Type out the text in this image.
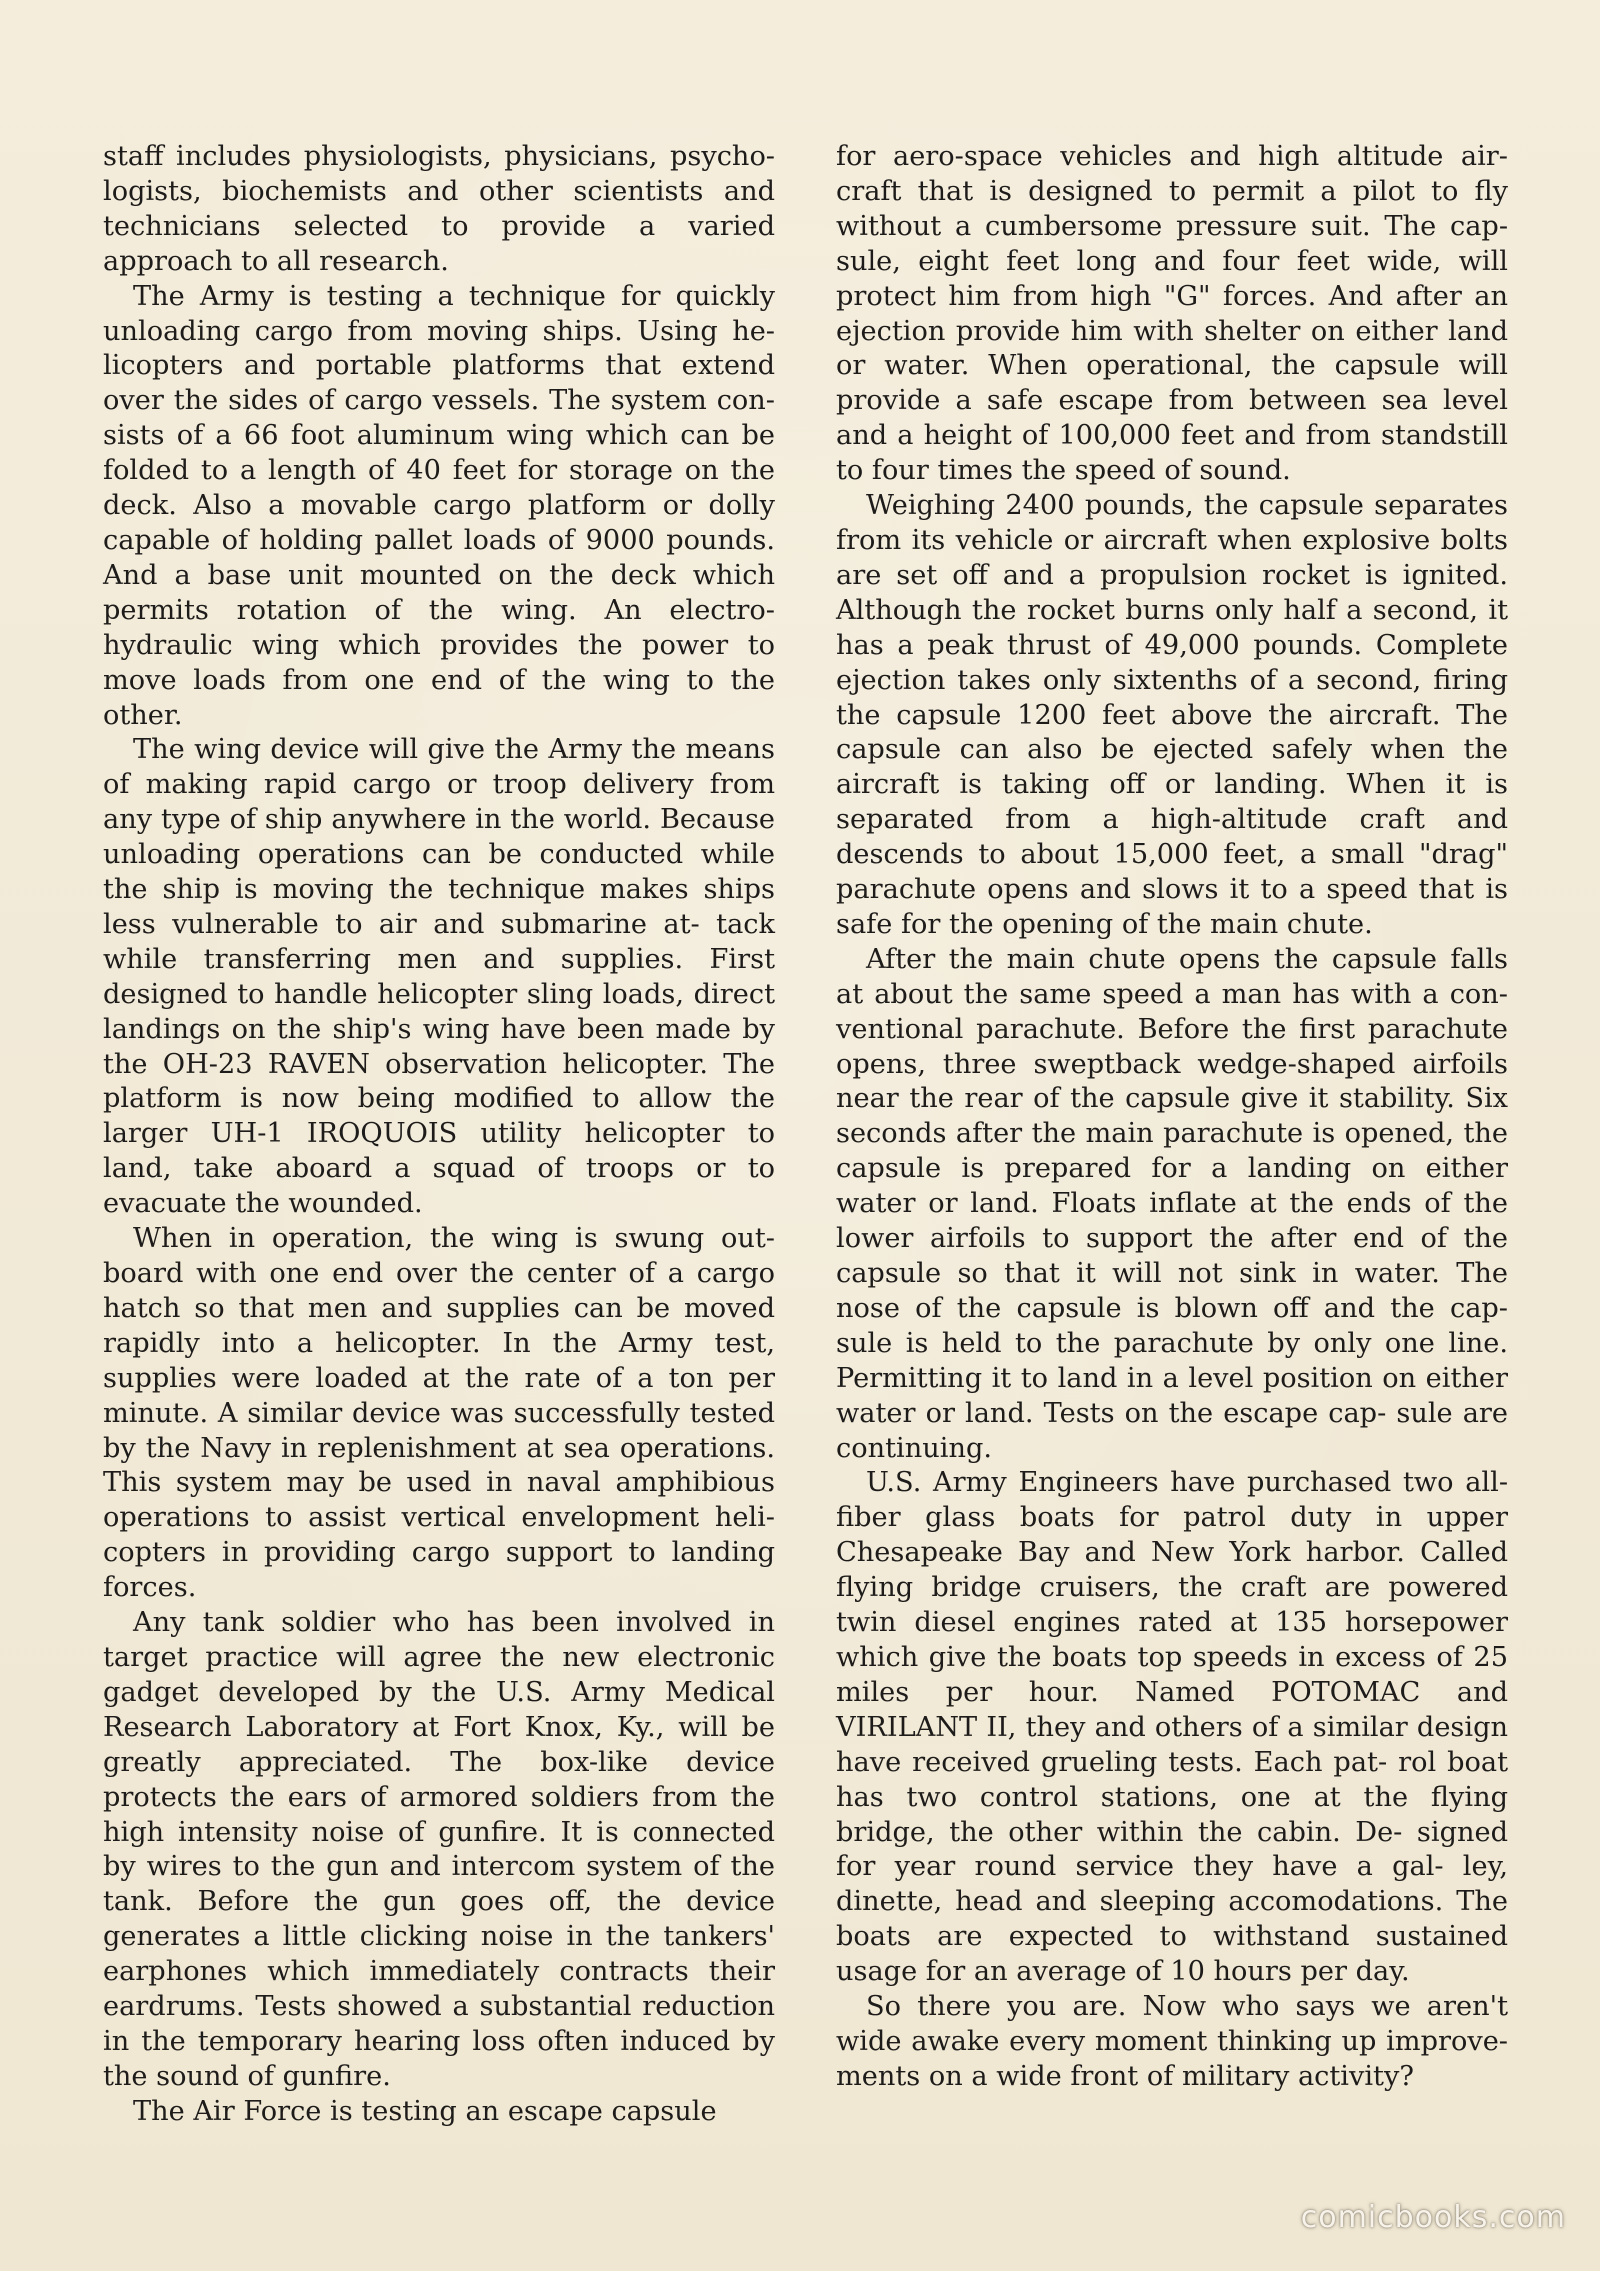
staff includes physiologists, physicians, psycho- logists, biochemists and other scientists and technicians selected to provide a varied approach to all research.

The Army is testing a technique for quickly unloading cargo from moving ships. Using he- licopters and portable platforms that extend over the sides of cargo vessels. The system con- sists of a 66 foot aluminum wing which can be folded to a length of 40 feet for storage on the deck. Also a movable cargo platform or dolly capable of holding pallet loads of 9000 pounds. And a base unit mounted on the deck which permits rotation of the wing. An electro- hydraulic wing which provides the power to move loads from one end of the wing to the other.

The wing device will give the Army the means of making rapid cargo or troop delivery from any type of ship anywhere in the world. Because unloading operations can be conducted while the ship is moving the technique makes ships less vulnerable to air and submarine at- tack while transferring men and supplies. First designed to handle helicopter sling loads, direct landings on the ship's wing have been made by the OH-23 RAVEN observation helicopter. The platform is now being modified to allow the larger UH-1 IROQUOIS utility helicopter to land, take aboard a squad of troops or to evacuate the wounded.

When in operation, the wing is swung out- board with one end over the center of a cargo hatch so that men and supplies can be moved rapidly into a helicopter. In the Army test, supplies were loaded at the rate of a ton per minute. A similar device was successfully tested by the Navy in replenishment at sea operations. This system may be used in naval amphibious operations to assist vertical envelopment heli- copters in providing cargo support to landing forces.

Any tank soldier who has been involved in target practice will agree the new electronic gadget developed by the U.S. Army Medical Research Laboratory at Fort Knox, Ky., will be greatly appreciated. The box-like device protects the ears of armored soldiers from the high intensity noise of gunfire. It is connected by wires to the gun and intercom system of the tank. Before the gun goes off, the device generates a little clicking noise in the tankers' earphones which immediately contracts their eardrums. Tests showed a substantial reduction in the temporary hearing loss often induced by the sound of gunfire.

The Air Force is testing an escape capsule

for aero-space vehicles and high altitude air- craft that is designed to permit a pilot to fly without a cumbersome pressure suit. The cap- sule, eight feet long and four feet wide, will protect him from high "G" forces. And after an ejection provide him with shelter on either land or water. When operational, the capsule will provide a safe escape from between sea level and a height of 100,000 feet and from standstill to four times the speed of sound.

Weighing 2400 pounds, the capsule separates from its vehicle or aircraft when explosive bolts are set off and a propulsion rocket is ignited. Although the rocket burns only half a second, it has a peak thrust of 49,000 pounds. Complete ejection takes only sixtenths of a second, firing the capsule 1200 feet above the aircraft. The capsule can also be ejected safely when the aircraft is taking off or landing. When it is separated from a high-altitude craft and descends to about 15,000 feet, a small "drag" parachute opens and slows it to a speed that is safe for the opening of the main chute.

After the main chute opens the capsule falls at about the same speed a man has with a con- ventional parachute. Before the first parachute opens, three sweptback wedge-shaped airfoils near the rear of the capsule give it stability. Six seconds after the main parachute is opened, the capsule is prepared for a landing on either water or land. Floats inflate at the ends of the lower airfoils to support the after end of the capsule so that it will not sink in water. The nose of the capsule is blown off and the cap- sule is held to the parachute by only one line. Permitting it to land in a level position on either water or land. Tests on the escape cap- sule are continuing.

U.S. Army Engineers have purchased two all-fiber glass boats for patrol duty in upper Chesapeake Bay and New York harbor. Called flying bridge cruisers, the craft are powered twin diesel engines rated at 135 horsepower which give the boats top speeds in excess of 25 miles per hour. Named POTOMAC and VIRILANT II, they and others of a similar design have received grueling tests. Each pat- rol boat has two control stations, one at the flying bridge, the other within the cabin. De- signed for year round service they have a gal- ley, dinette, head and sleeping accomodations. The boats are expected to withstand sustained usage for an average of 10 hours per day.

So there you are. Now who says we aren't wide awake every moment thinking up improve- ments on a wide front of military activity?

comicbooks.com
